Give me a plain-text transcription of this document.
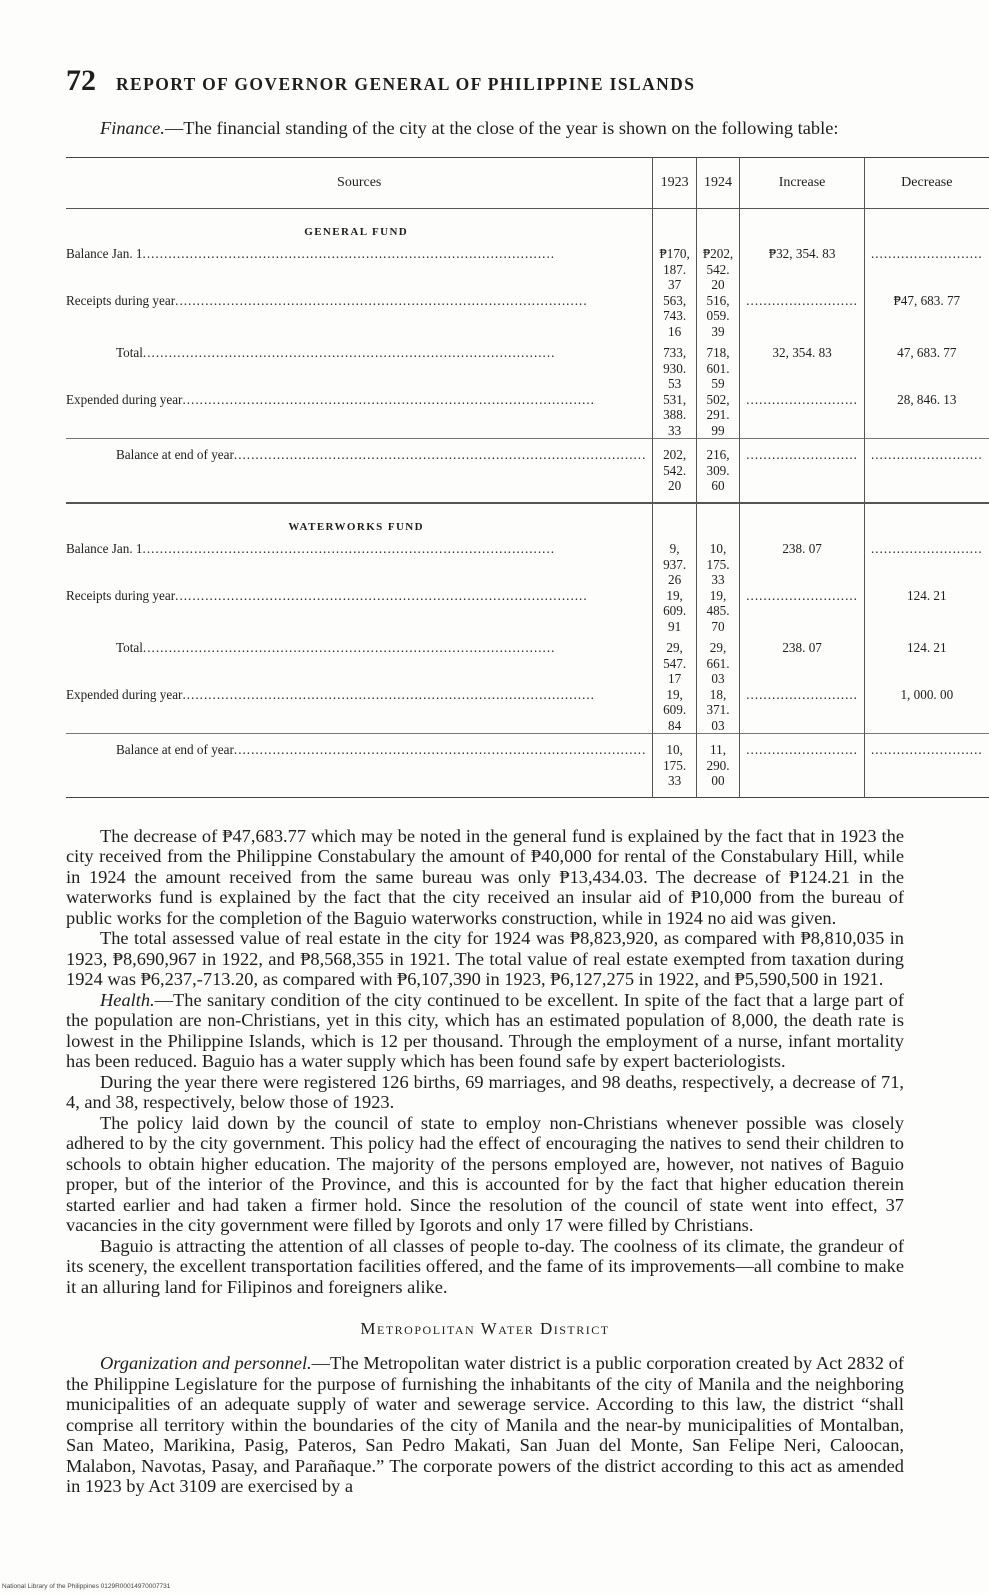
72 REPORT OF GOVERNOR GENERAL OF PHILIPPINE ISLANDS

Finance.—The financial standing of the city at the close of the year is shown on the following table:

Sources	1923	1924	Increase	Decrease
GENERAL FUND				

Balance Jan. 1 ................................................................................................	₱170, 187. 37	₱202, 542. 20	₱32, 354. 83	..........................

Receipts during year ................................................................................................	563, 743. 16	516, 059. 39	..........................	₱47, 683. 77

Total ................................................................................................	733, 930. 53	718, 601. 59	32, 354. 83	47, 683. 77

Expended during year ................................................................................................	531, 388. 33	502, 291. 99	..........................	28, 846. 13

Balance at end of year ................................................................................................	202, 542. 20	216, 309. 60	..........................	..........................
WATERWORKS FUND				

Balance Jan. 1 ................................................................................................	9, 937. 26	10, 175. 33	238. 07	..........................

Receipts during year ................................................................................................	19, 609. 91	19, 485. 70	..........................	124. 21

Total ................................................................................................	29, 547. 17	29, 661. 03	238. 07	124. 21

Expended during year ................................................................................................	19, 609. 84	18, 371. 03	..........................	1, 000. 00

Balance at end of year ................................................................................................	10, 175. 33	11, 290. 00	..........................	..........................

The decrease of ₱47,683.77 which may be noted in the general fund is explained by the fact that in 1923 the city received from the Philippine Constabulary the amount of ₱40,000 for rental of the Constabulary Hill, while in 1924 the amount received from the same bureau was only ₱13,434.03. The decrease of ₱124.21 in the waterworks fund is explained by the fact that the city received an insular aid of ₱10,000 from the bureau of public works for the completion of the Baguio waterworks construction, while in 1924 no aid was given.

The total assessed value of real estate in the city for 1924 was ₱8,823,920, as compared with ₱8,810,035 in 1923, ₱8,690,967 in 1922, and ₱8,568,355 in 1921. The total value of real estate exempted from taxation during 1924 was ₱6,237,-713.20, as compared with ₱6,107,390 in 1923, ₱6,127,275 in 1922, and ₱5,590,500 in 1921.

Health.—The sanitary condition of the city continued to be excellent. In spite of the fact that a large part of the population are non-Christians, yet in this city, which has an estimated population of 8,000, the death rate is lowest in the Philippine Islands, which is 12 per thousand. Through the employment of a nurse, infant mortality has been reduced. Baguio has a water supply which has been found safe by expert bacteriologists.

During the year there were registered 126 births, 69 marriages, and 98 deaths, respectively, a decrease of 71, 4, and 38, respectively, below those of 1923.

The policy laid down by the council of state to employ non-Christians whenever possible was closely adhered to by the city government. This policy had the effect of encouraging the natives to send their children to schools to obtain higher education. The majority of the persons employed are, however, not natives of Baguio proper, but of the interior of the Province, and this is accounted for by the fact that higher education therein started earlier and had taken a firmer hold. Since the resolution of the council of state went into effect, 37 vacancies in the city government were filled by Igorots and only 17 were filled by Christians.

Baguio is attracting the attention of all classes of people to-day. The coolness of its climate, the grandeur of its scenery, the excellent transportation facilities offered, and the fame of its improvements—all combine to make it an alluring land for Filipinos and foreigners alike.

Metropolitan Water District

Organization and personnel.—The Metropolitan water district is a public corporation created by Act 2832 of the Philippine Legislature for the purpose of furnishing the inhabitants of the city of Manila and the neighboring municipalities of an adequate supply of water and sewerage service. According to this law, the district “shall comprise all territory within the boundaries of the city of Manila and the near-by municipalities of Montalban, San Mateo, Marikina, Pasig, Pateros, San Pedro Makati, San Juan del Monte, San Felipe Neri, Caloocan, Malabon, Navotas, Pasay, and Parañaque.” The corporate powers of the district according to this act as amended in 1923 by Act 3109 are exercised by a

National Library of the Philippines 0129R00014970007731
